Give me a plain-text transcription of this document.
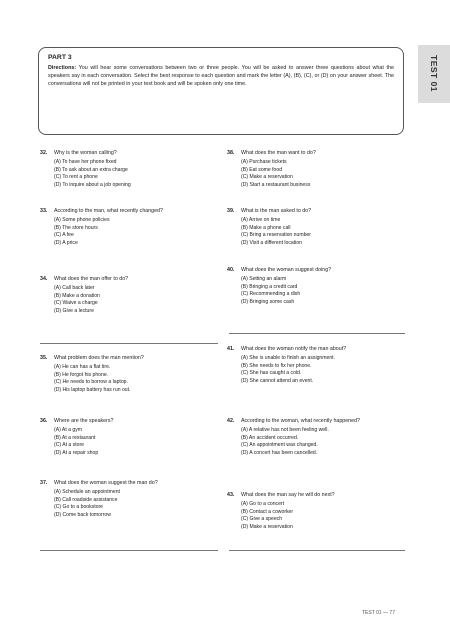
TEST 01

PART 3

Directions: You will hear some conversations between two or three people. You will be asked to answer three questions about what the speakers say in each conversation. Select the best response to each question and mark the letter (A), (B), (C), or (D) on your answer sheet. The conversations will not be printed in your test book and will be spoken only one time.

32.	Why is the woman calling?
(A) To have her phone fixed
(B) To ask about an extra charge
(C) To rent a phone
(D) To inquire about a job opening
33.	According to the man, what recently changed?
(A) Some phone policies
(B) The store hours
(C) A fee
(D) A price
34.	What does the man offer to do?
(A) Call back later
(B) Make a donation
(C) Waive a charge
(D) Give a lecture
35.	What problem does the man mention?
(A) He can has a flat tire.
(B) He forgot his phone.
(C) He needs to borrow a laptop.
(D) His laptop battery has run out.
36.	Where are the speakers?
(A) At a gym
(B) At a restaurant
(C) At a store
(D) At a repair shop
37.	What does the woman suggest the man do?
(A) Schedule an appointment
(B) Call roadside assistance
(C) Go to a bookstore
(D) Come back tomorrow
38.	What does the man want to do?
(A) Purchase tickets
(B) Eat some food
(C) Make a reservation
(D) Start a restaurant business
39.	What is the man asked to do?
(A) Arrive on time
(B) Make a phone call
(C) Bring a reservation number
(D) Visit a different location
40.	What does the woman suggest doing?
(A) Setting an alarm
(B) Bringing a credit card
(C) Recommending a dish
(D) Bringing some cash
41.	What does the woman notify the man about?
(A) She is unable to finish an assignment.
(B) She needs to fix her phone.
(C) She has caught a cold.
(D) She cannot attend an event.
42.	According to the woman, what recently happened?
(A) A relative has not been feeling well.
(B) An accident occurred.
(C) An appointment was changed.
(D) A concert has been cancelled.
43.	What does the man say he will do next?
(A) Go to a concert
(B) Contact a coworker
(C) Give a speech
(D) Make a reservation
TEST 01 — 77
